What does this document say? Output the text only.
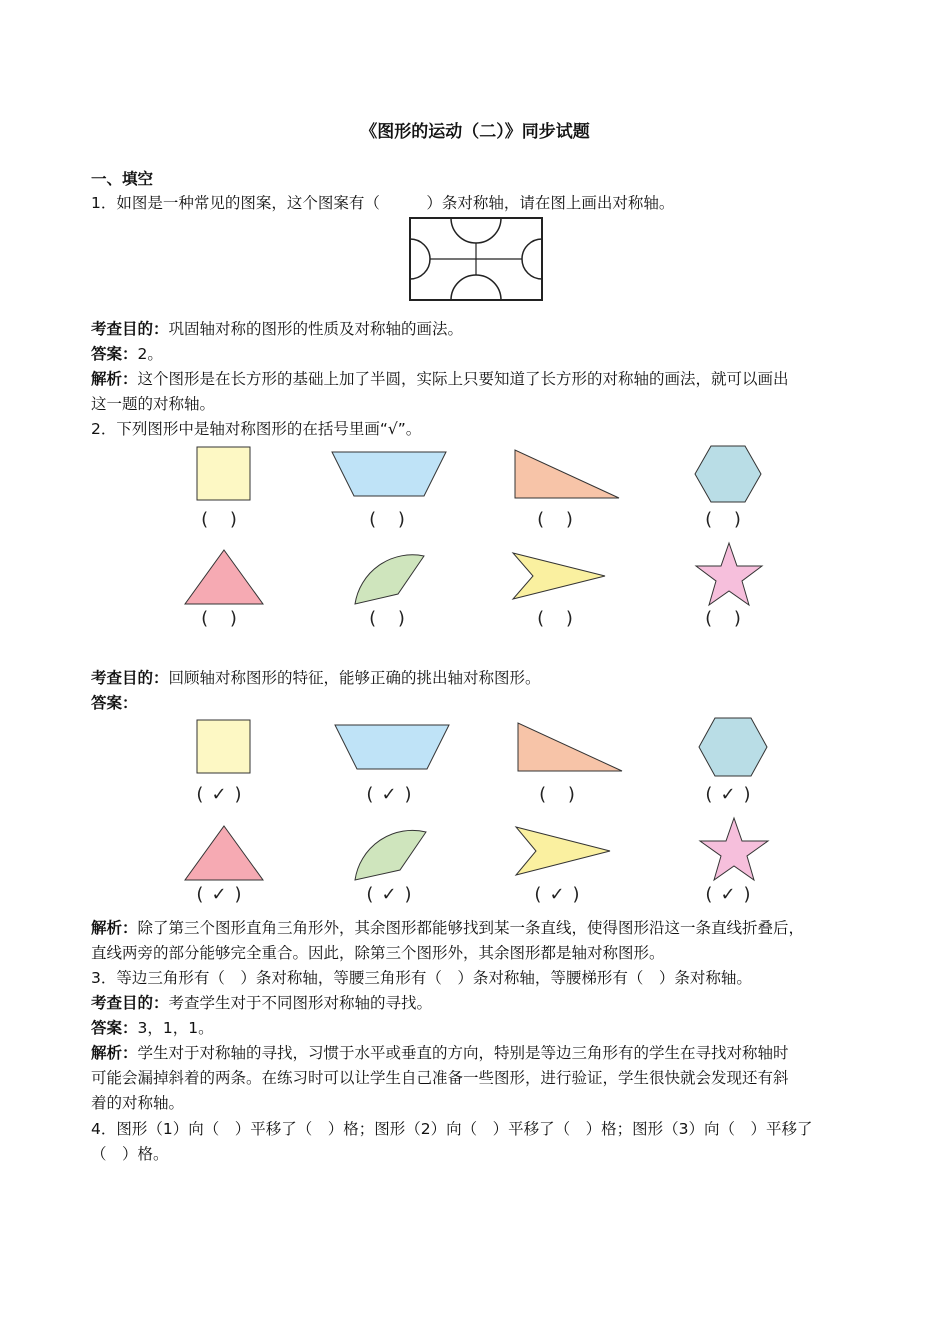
《图形的运动（二）》同步试题
一、填空
1．如图是一种常见的图案，这个图案有（　　　）条对称轴，请在图上画出对称轴。
考查目的：巩固轴对称的图形的性质及对称轴的画法。
答案：2。
解析：这个图形是在长方形的基础上加了半圆，实际上只要知道了长方形的对称轴的画法，就可以画出
这一题的对称轴。
2．下列图形中是轴对称图形的在括号里画“√”。
( )	( )	( )	( )
( )	( )	( )	( )
考查目的：回顾轴对称图形的特征，能够正确的挑出轴对称图形。
答案：
(✓)	(✓)	( )	(✓)
(✓)	(✓)	(✓)	(✓)
解析：除了第三个图形直角三角形外，其余图形都能够找到某一条直线，使得图形沿这一条直线折叠后，
直线两旁的部分能够完全重合。因此，除第三个图形外，其余图形都是轴对称图形。
3．等边三角形有（　）条对称轴，等腰三角形有（　）条对称轴，等腰梯形有（　）条对称轴。
考查目的：考查学生对于不同图形对称轴的寻找。
答案：3，1，1。
解析：学生对于对称轴的寻找，习惯于水平或垂直的方向，特别是等边三角形有的学生在寻找对称轴时
可能会漏掉斜着的两条。在练习时可以让学生自己准备一些图形，进行验证，学生很快就会发现还有斜
着的对称轴。
4．图形（1）向（　）平移了（　）格；图形（2）向（　）平移了（　）格；图形（3）向（　）平移了
（　）格。
